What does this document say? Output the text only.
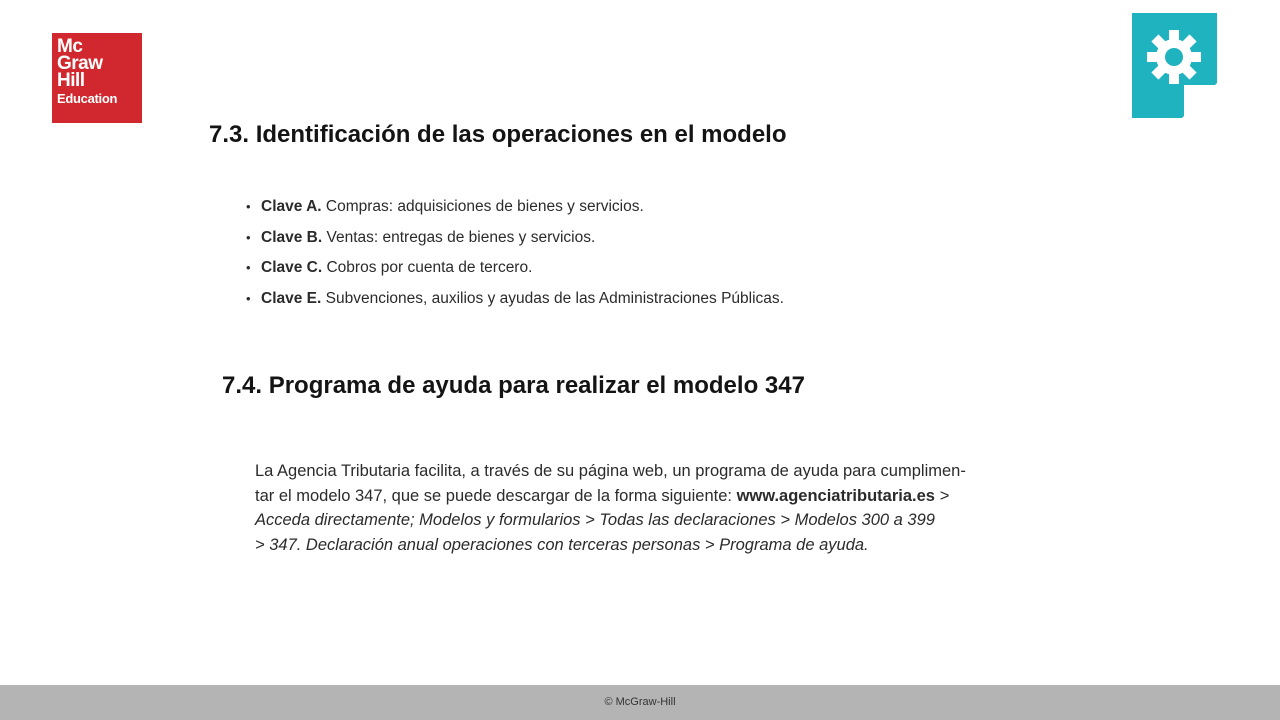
Mc
Graw
Hill
Education
7.3. Identificación de las operaciones en el modelo
• Clave A. Compras: adquisiciones de bienes y servicios.
• Clave B. Ventas: entregas de bienes y servicios.
• Clave C. Cobros por cuenta de tercero.
• Clave E. Subvenciones, auxilios y ayudas de las Administraciones Públicas.
7.4. Programa de ayuda para realizar el modelo 347

La Agencia Tributaria facilita, a través de su página web, un programa de ayuda para cumplimen-
tar el modelo 347, que se puede descargar de la forma siguiente: www.agenciatributaria.es >
Acceda directamente; Modelos y formularios > Todas las declaraciones > Modelos 300 a 399
> 347. Declaración anual operaciones con terceras personas > Programa de ayuda.

© McGraw-Hill
